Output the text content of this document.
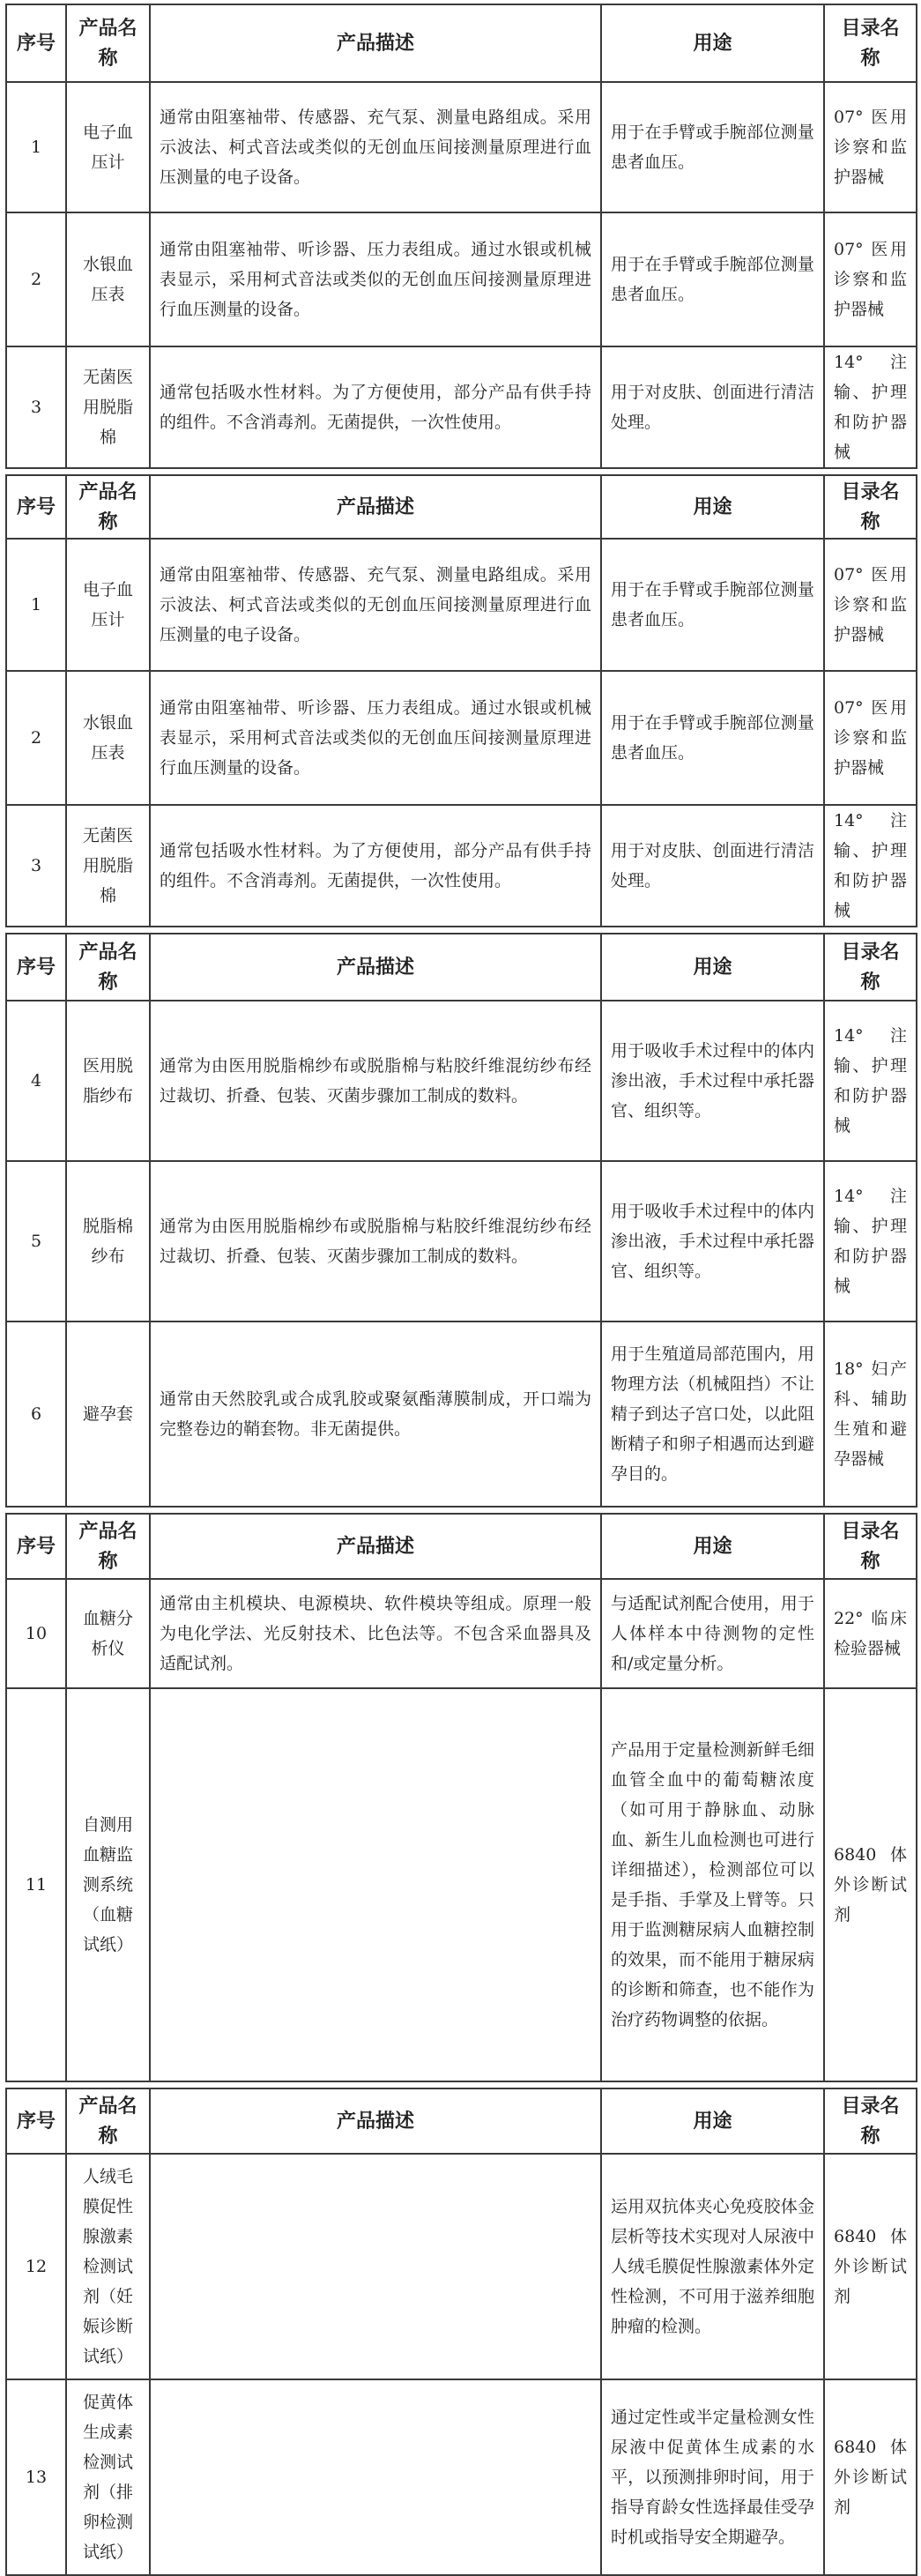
序号	产品名称	产品描述	用途	目录名称
1	电子血压计	通常由阻塞袖带、传感器、充气泵、测量电路组成。采用示波法、柯式音法或类似的无创血压间接测量原理进行血压测量的电子设备。	用于在手臂或手腕部位测量患者血压。	07° 医用诊察和监护器械
2	水银血压表	通常由阻塞袖带、听诊器、压力表组成。通过水银或机械表显示，采用柯式音法或类似的无创血压间接测量原理进行血压测量的设备。	用于在手臂或手腕部位测量患者血压。	07° 医用诊察和监护器械
3	无菌医用脱脂棉	通常包括吸水性材料。为了方便使用，部分产品有供手持的组件。不含消毒剂。无菌提供，一次性使用。	用于对皮肤、创面进行清洁处理。	14°注输、护理和防护器械
序号	产品名称	产品描述	用途	目录名称
1	电子血压计	通常由阻塞袖带、传感器、充气泵、测量电路组成。采用示波法、柯式音法或类似的无创血压间接测量原理进行血压测量的电子设备。	用于在手臂或手腕部位测量患者血压。	07° 医用诊察和监护器械
2	水银血压表	通常由阻塞袖带、听诊器、压力表组成。通过水银或机械表显示，采用柯式音法或类似的无创血压间接测量原理进行血压测量的设备。	用于在手臂或手腕部位测量患者血压。	07° 医用诊察和监护器械
3	无菌医用脱脂棉	通常包括吸水性材料。为了方便使用，部分产品有供手持的组件。不含消毒剂。无菌提供，一次性使用。	用于对皮肤、创面进行清洁处理。	14°注输、护理和防护器械
序号	产品名称	产品描述	用途	目录名称
4	医用脱脂纱布	通常为由医用脱脂棉纱布或脱脂棉与粘胶纤维混纺纱布经过裁切、折叠、包装、灭菌步骤加工制成的数料。	用于吸收手术过程中的体内渗出液，手术过程中承托器官、组织等。	14°注输、护理和防护器械
5	脱脂棉纱布	通常为由医用脱脂棉纱布或脱脂棉与粘胶纤维混纺纱布经过裁切、折叠、包装、灭菌步骤加工制成的数料。	用于吸收手术过程中的体内渗出液，手术过程中承托器官、组织等。	14°注输、护理和防护器械
6	避孕套	通常由天然胶乳或合成乳胶或聚氨酯薄膜制成，开口端为完整卷边的鞘套物。非无菌提供。	用于生殖道局部范围内，用物理方法（机械阻挡）不让精子到达子宫口处，以此阻断精子和卵子相遇而达到避孕目的。	18° 妇产科、辅助生殖和避孕器械
序号	产品名称	产品描述	用途	目录名称
10	血糖分析仪	通常由主机模块、电源模块、软件模块等组成。原理一般为电化学法、光反射技术、比色法等。不包含采血器具及适配试剂。	与适配试剂配合使用，用于人体样本中待测物的定性和/或定量分析。	22° 临床检验器械
11	自测用血糖监测系统（血糖试纸）		产品用于定量检测新鲜毛细血管全血中的葡萄糖浓度（如可用于静脉血、动脉血、新生儿血检测也可进行详细描述），检测部位可以是手指、手掌及上臂等。只用于监测糖尿病人血糖控制的效果，而不能用于糖尿病的诊断和筛查，也不能作为治疗药物调整的依据。	6840 体外诊断试剂
序号	产品名称	产品描述	用途	目录名称
12	人绒毛膜促性腺激素检测试剂（妊娠诊断试纸）		运用双抗体夹心免疫胶体金层析等技术实现对人尿液中人绒毛膜促性腺激素体外定性检测，不可用于滋养细胞肿瘤的检测。	6840 体外诊断试剂
13	促黄体生成素检测试剂（排卵检测试纸）		通过定性或半定量检测女性尿液中促黄体生成素的水平，以预测排卵时间，用于指导育龄女性选择最佳受孕时机或指导安全期避孕。	6840 体外诊断试剂
